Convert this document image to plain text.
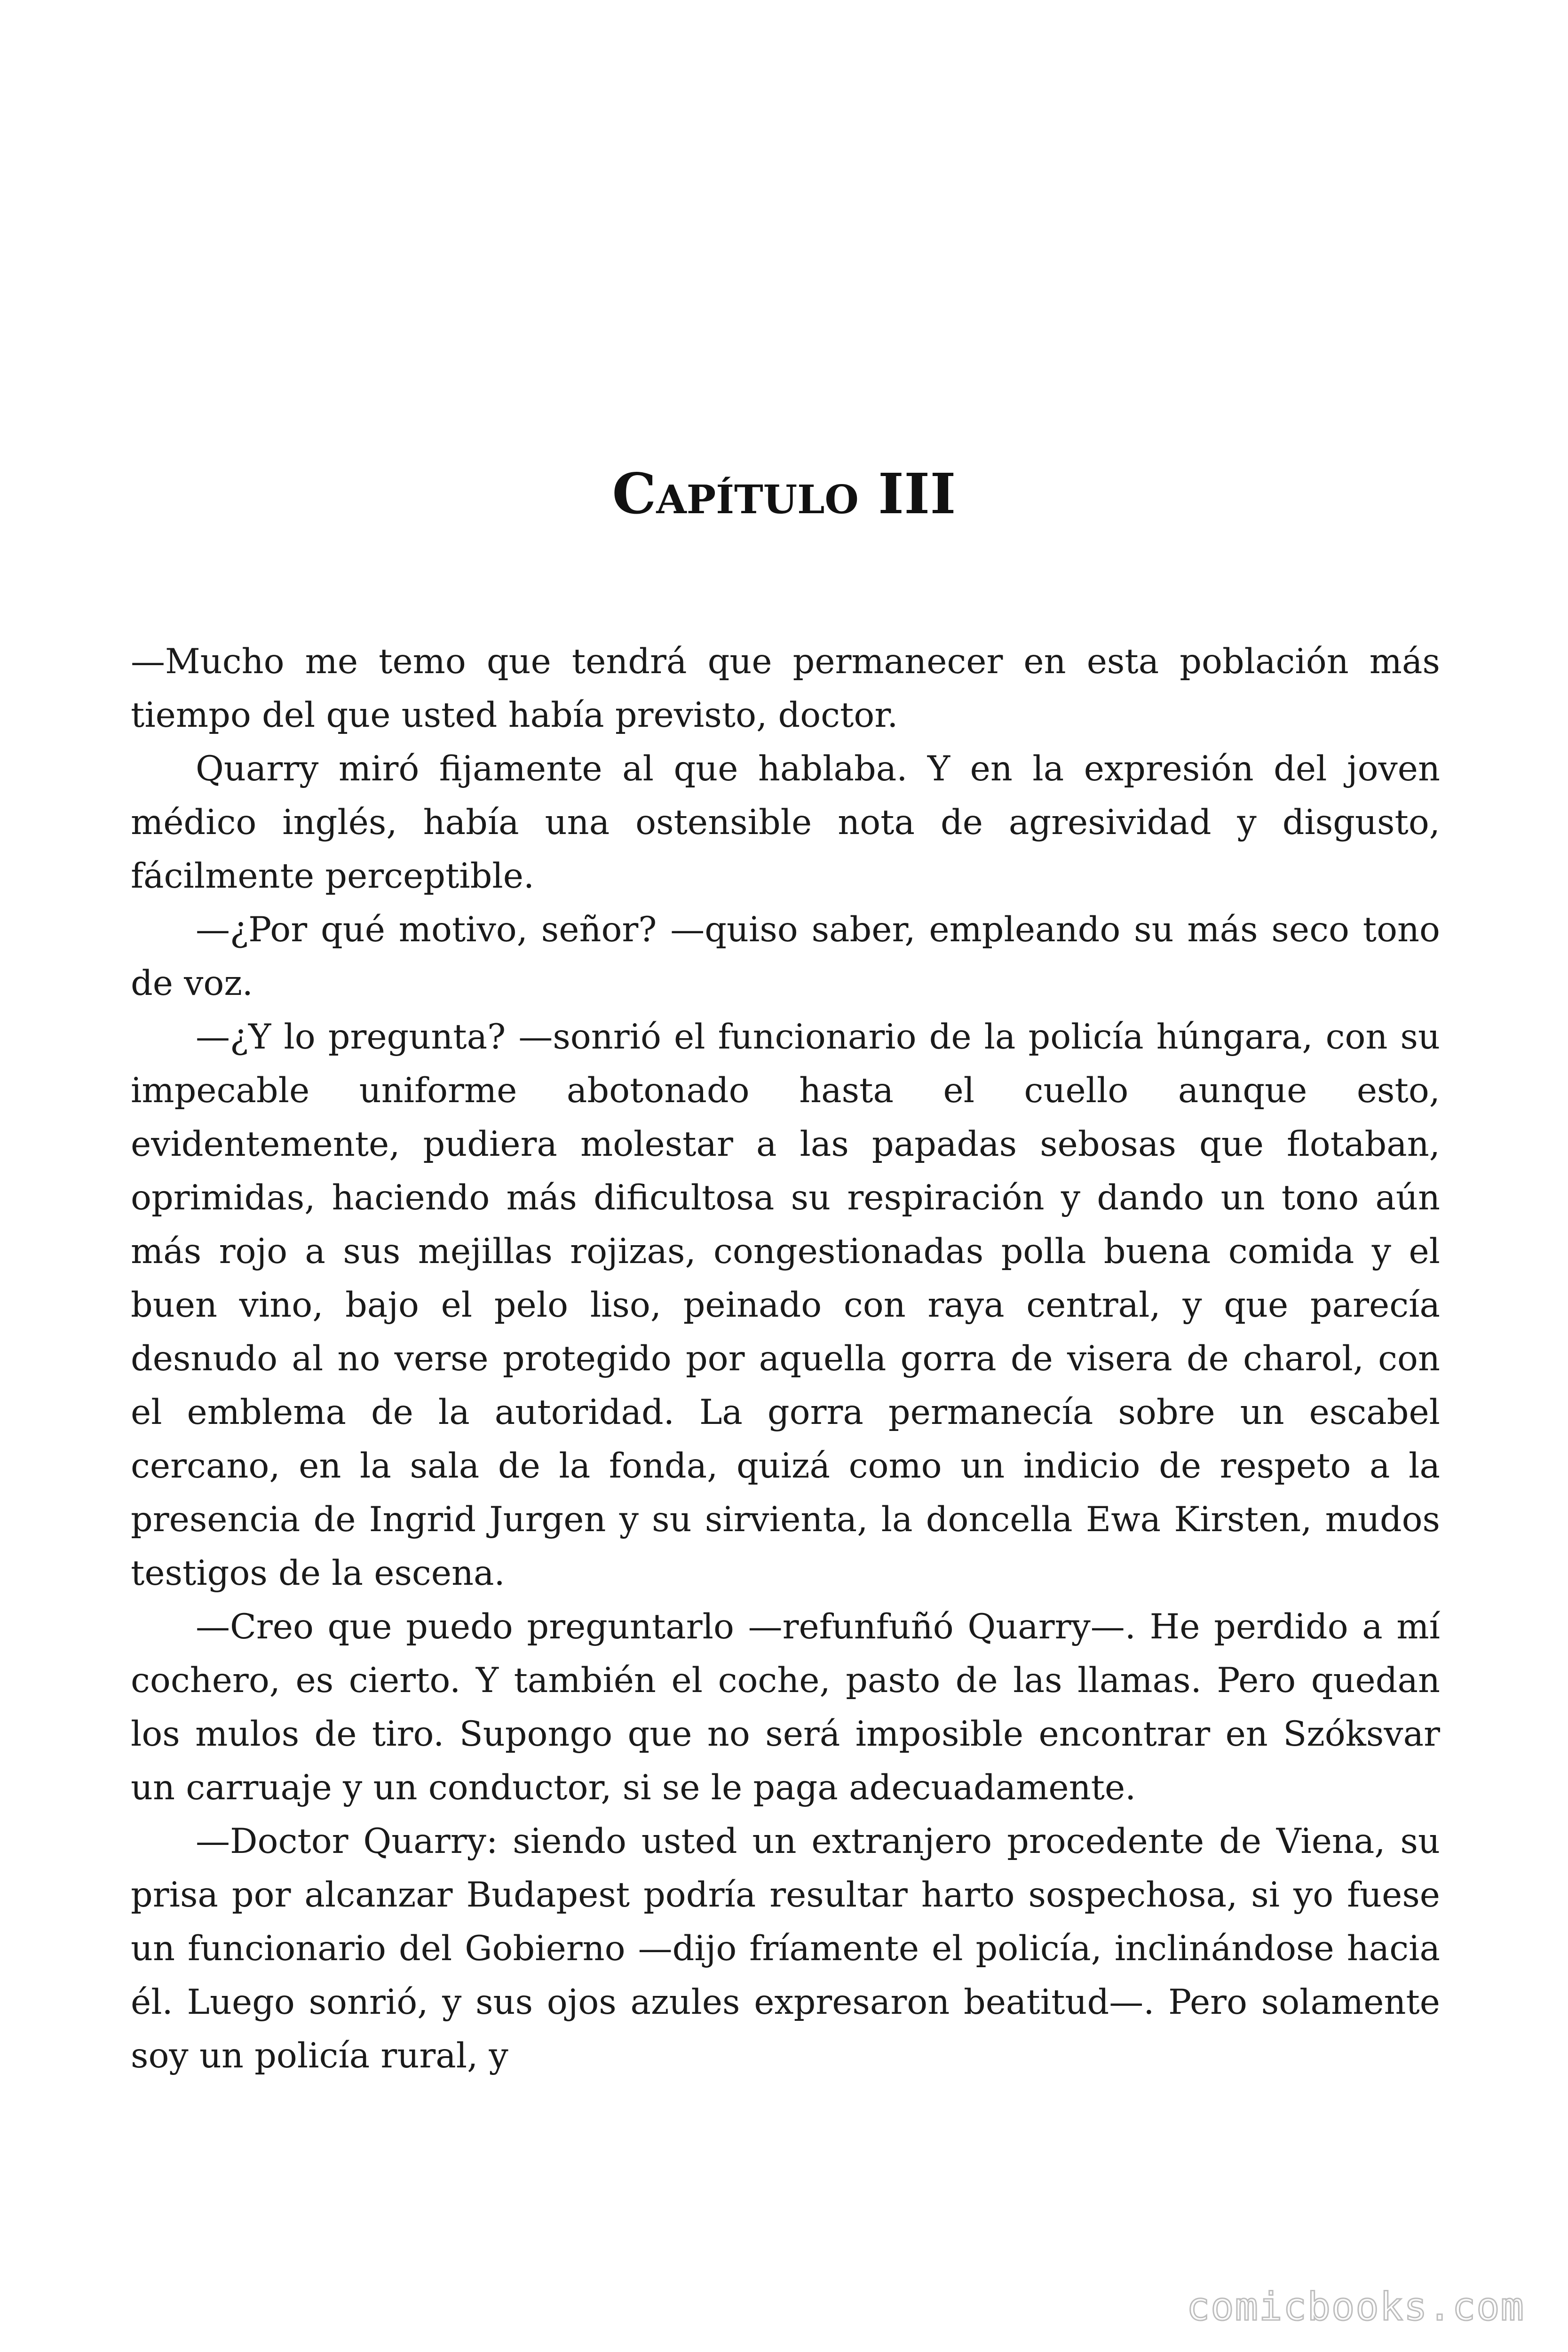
Capítulo III

—Mucho me temo que tendrá que permanecer en esta población más tiempo del que usted había previsto, doctor.

Quarry miró fijamente al que hablaba. Y en la expresión del joven médico inglés, había una ostensible nota de agresividad y disgusto, fácilmente perceptible.

—¿Por qué motivo, señor? —quiso saber, empleando su más seco tono de voz.

—¿Y lo pregunta? —sonrió el funcionario de la policía húngara, con su impecable uniforme abotonado hasta el cuello aunque esto, evidentemente, pudiera molestar a las papadas sebosas que flotaban, oprimidas, haciendo más dificultosa su respiración y dando un tono aún más rojo a sus mejillas rojizas, congestionadas polla buena comida y el buen vino, bajo el pelo liso, peinado con raya central, y que parecía desnudo al no verse protegido por aquella gorra de visera de charol, con el emblema de la autoridad. La gorra permanecía sobre un escabel cercano, en la sala de la fonda, quizá como un indicio de respeto a la presencia de Ingrid Jurgen y su sirvienta, la doncella Ewa Kirsten, mudos testigos de la escena.

—Creo que puedo preguntarlo —refunfuñó Quarry—. He perdido a mí cochero, es cierto. Y también el coche, pasto de las llamas. Pero quedan los mulos de tiro. Supongo que no será imposible encontrar en Szóksvar un carruaje y un conductor, si se le paga adecuadamente.

—Doctor Quarry: siendo usted un extranjero procedente de Viena, su prisa por alcanzar Budapest podría resultar harto sospechosa, si yo fuese un funcionario del Gobierno —dijo fríamente el policía, inclinándose hacia él. Luego sonrió, y sus ojos azules expresaron beatitud—. Pero solamente soy un policía rural, y

comicbooks.com
